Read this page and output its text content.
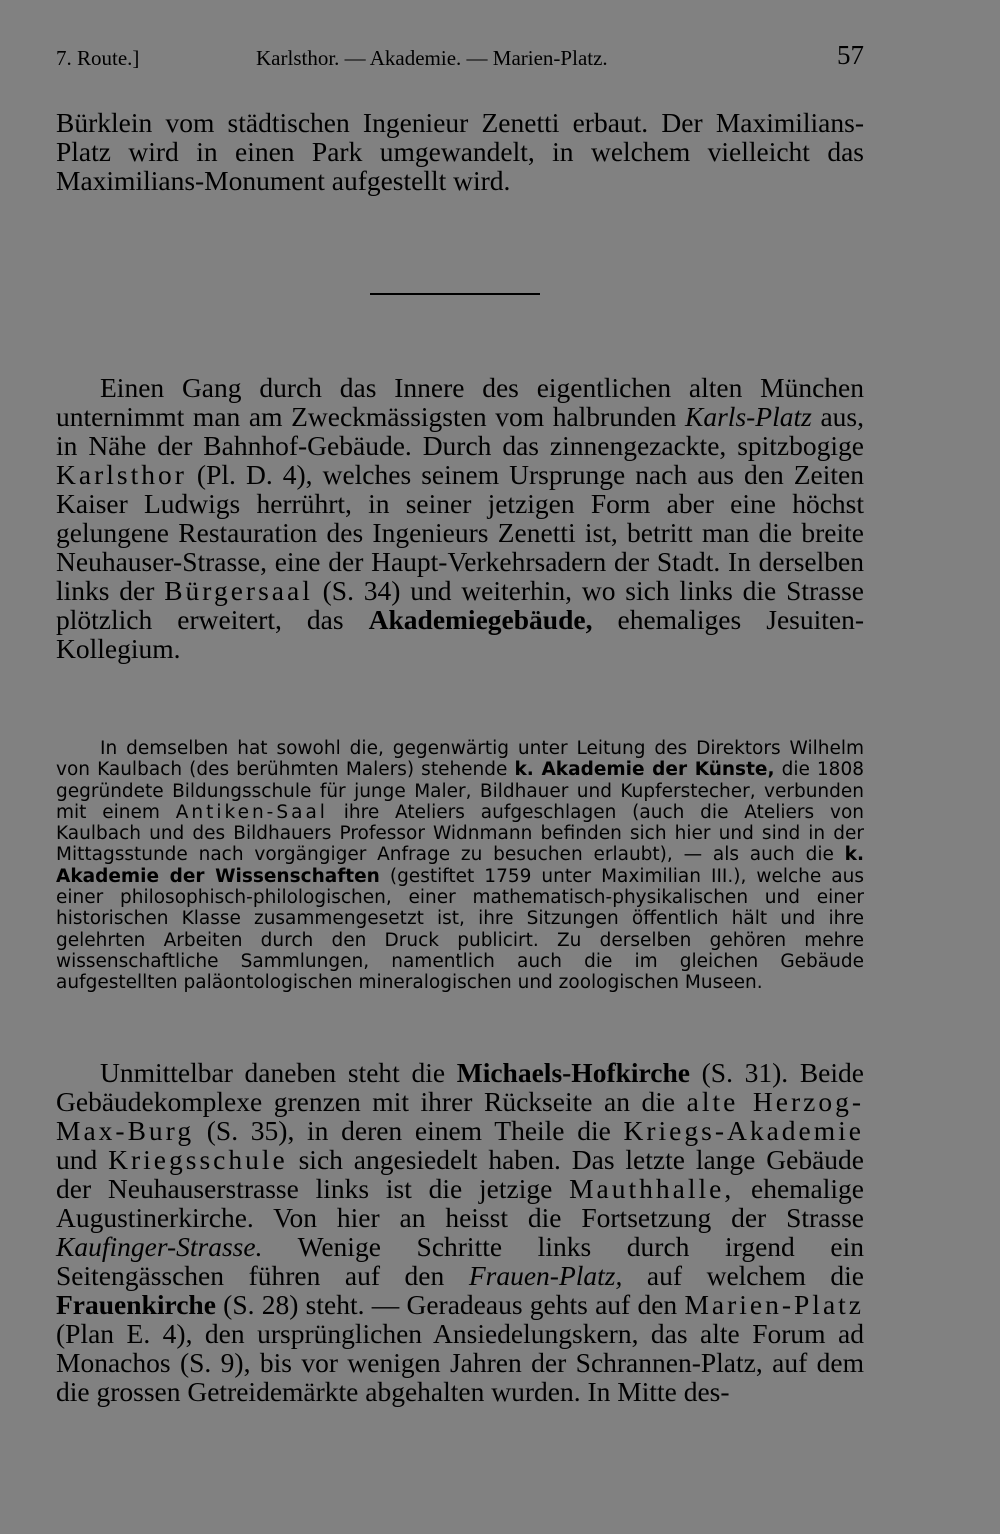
7. Route.]	Karlsthor. — Akademie. — Marien-Platz.	57

Bürklein vom städtischen Ingenieur Zenetti erbaut. Der Maximilians-Platz wird in einen Park umgewandelt, in welchem vielleicht das Maximilians-Monument aufgestellt wird.

Einen Gang durch das Innere des eigentlichen alten München unternimmt man am Zweckmässigsten vom halbrunden Karls-Platz aus, in Nähe der Bahnhof-Gebäude. Durch das zinnengezackte, spitzbogige Karlsthor (Pl. D. 4), welches seinem Ursprunge nach aus den Zeiten Kaiser Ludwigs herrührt, in seiner jetzigen Form aber eine höchst gelungene Restauration des Ingenieurs Zenetti ist, betritt man die breite Neuhauser-Strasse, eine der Haupt-Verkehrsadern der Stadt. In derselben links der Bürgersaal (S. 34) und weiterhin, wo sich links die Strasse plötzlich erweitert, das Akademiegebäude, ehemaliges Jesuiten-Kollegium.

In demselben hat sowohl die, gegenwärtig unter Leitung des Direktors Wilhelm von Kaulbach (des berühmten Malers) stehende k. Akademie der Künste, die 1808 gegründete Bildungsschule für junge Maler, Bildhauer und Kupferstecher, verbunden mit einem Antiken-Saal ihre Ateliers aufgeschlagen (auch die Ateliers von Kaulbach und des Bildhauers Professor Widnmann befinden sich hier und sind in der Mittagsstunde nach vorgängiger Anfrage zu besuchen erlaubt), — als auch die k. Akademie der Wissenschaften (gestiftet 1759 unter Maximilian III.), welche aus einer philosophisch-philologischen, einer mathematisch-physikalischen und einer historischen Klasse zusammengesetzt ist, ihre Sitzungen öffentlich hält und ihre gelehrten Arbeiten durch den Druck publicirt. Zu derselben gehören mehre wissenschaftliche Sammlungen, namentlich auch die im gleichen Gebäude aufgestellten paläontologischen mineralogischen und zoologischen Museen.

Unmittelbar daneben steht die Michaels-Hofkirche (S. 31). Beide Gebäudekomplexe grenzen mit ihrer Rückseite an die alte Herzog-Max-Burg (S. 35), in deren einem Theile die Kriegs-Akademie und Kriegsschule sich angesiedelt haben. Das letzte lange Gebäude der Neuhauserstrasse links ist die jetzige Mauthhalle, ehemalige Augustinerkirche. Von hier an heisst die Fortsetzung der Strasse Kaufinger-Strasse. Wenige Schritte links durch irgend ein Seitengässchen führen auf den Frauen-Platz, auf welchem die Frauenkirche (S. 28) steht. — Geradeaus gehts auf den Marien-Platz (Plan E. 4), den ursprünglichen Ansiedelungskern, das alte Forum ad Monachos (S. 9), bis vor wenigen Jahren der Schrannen-Platz, auf dem die grossen Getreidemärkte abgehalten wurden. In Mitte des-
